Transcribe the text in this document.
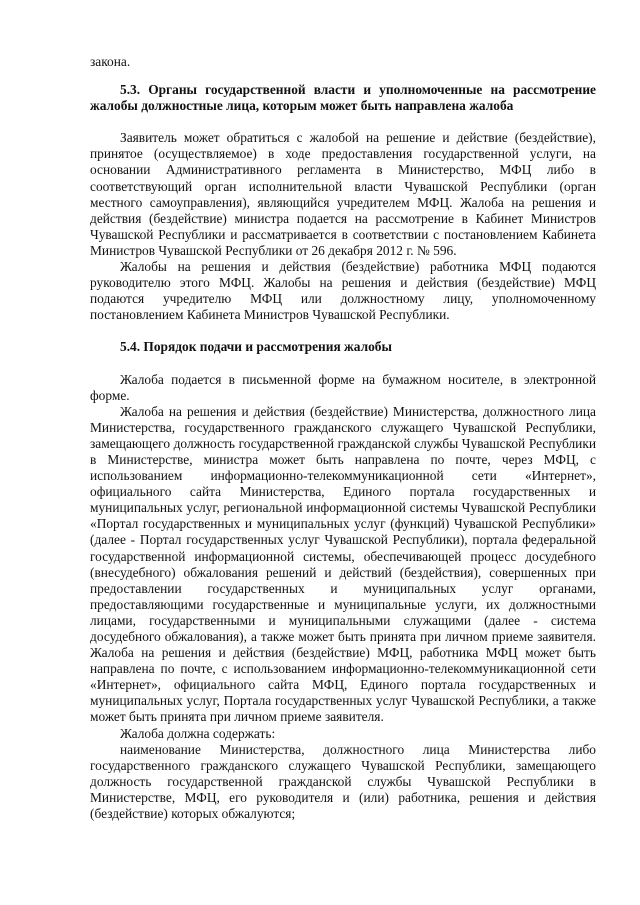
закона.

5.3. Органы государственной власти и уполномоченные на рассмотрение жалобы должностные лица, которым может быть направлена жалоба

Заявитель может обратиться с жалобой на решение и действие (бездействие), принятое (осуществляемое) в ходе предоставления государственной услуги, на основании Административного регламента в Министерство, МФЦ либо в соответствующий орган исполнительной власти Чувашской Республики (орган местного самоуправления), являющийся учредителем МФЦ. Жалоба на решения и действия (бездействие) министра подается на рассмотрение в Кабинет Министров Чувашской Республики и рассматривается в соответствии с постановлением Кабинета Министров Чувашской Республики от 26 декабря 2012 г. № 596.

Жалобы на решения и действия (бездействие) работника МФЦ подаются руководителю этого МФЦ. Жалобы на решения и действия (бездействие) МФЦ подаются учредителю МФЦ или должностному лицу, уполномоченному постановлением Кабинета Министров Чувашской Республики.

5.4. Порядок подачи и рассмотрения жалобы

Жалоба подается в письменной форме на бумажном носителе, в электронной форме.

Жалоба на решения и действия (бездействие) Министерства, должностного лица Министерства, государственного гражданского служащего Чувашской Республики, замещающего должность государственной гражданской службы Чувашской Республики в Министерстве, министра может быть направлена по почте, через МФЦ, с использованием информационно-телекоммуникационной сети «Интернет», официального сайта Министерства, Единого портала государственных и муниципальных услуг, региональной информационной системы Чувашской Республики «Портал государственных и муниципальных услуг (функций) Чувашской Республики» (далее - Портал государственных услуг Чувашской Республики), портала федеральной государственной информационной системы, обеспечивающей процесс досудебного (внесудебного) обжалования решений и действий (бездействия), совершенных при предоставлении государственных и муниципальных услуг органами, предоставляющими государственные и муниципальные услуги, их должностными лицами, государственными и муниципальными служащими (далее - система досудебного обжалования), а также может быть принята при личном приеме заявителя. Жалоба на решения и действия (бездействие) МФЦ, работника МФЦ может быть направлена по почте, с использованием информационно-телекоммуникационной сети «Интернет», официального сайта МФЦ, Единого портала государственных и муниципальных услуг, Портала государственных услуг Чувашской Республики, а также может быть принята при личном приеме заявителя.

Жалоба должна содержать:

наименование Министерства, должностного лица Министерства либо государственного гражданского служащего Чувашской Республики, замещающего должность государственной гражданской службы Чувашской Республики в Министерстве, МФЦ, его руководителя и (или) работника, решения и действия (бездействие) которых обжалуются;
